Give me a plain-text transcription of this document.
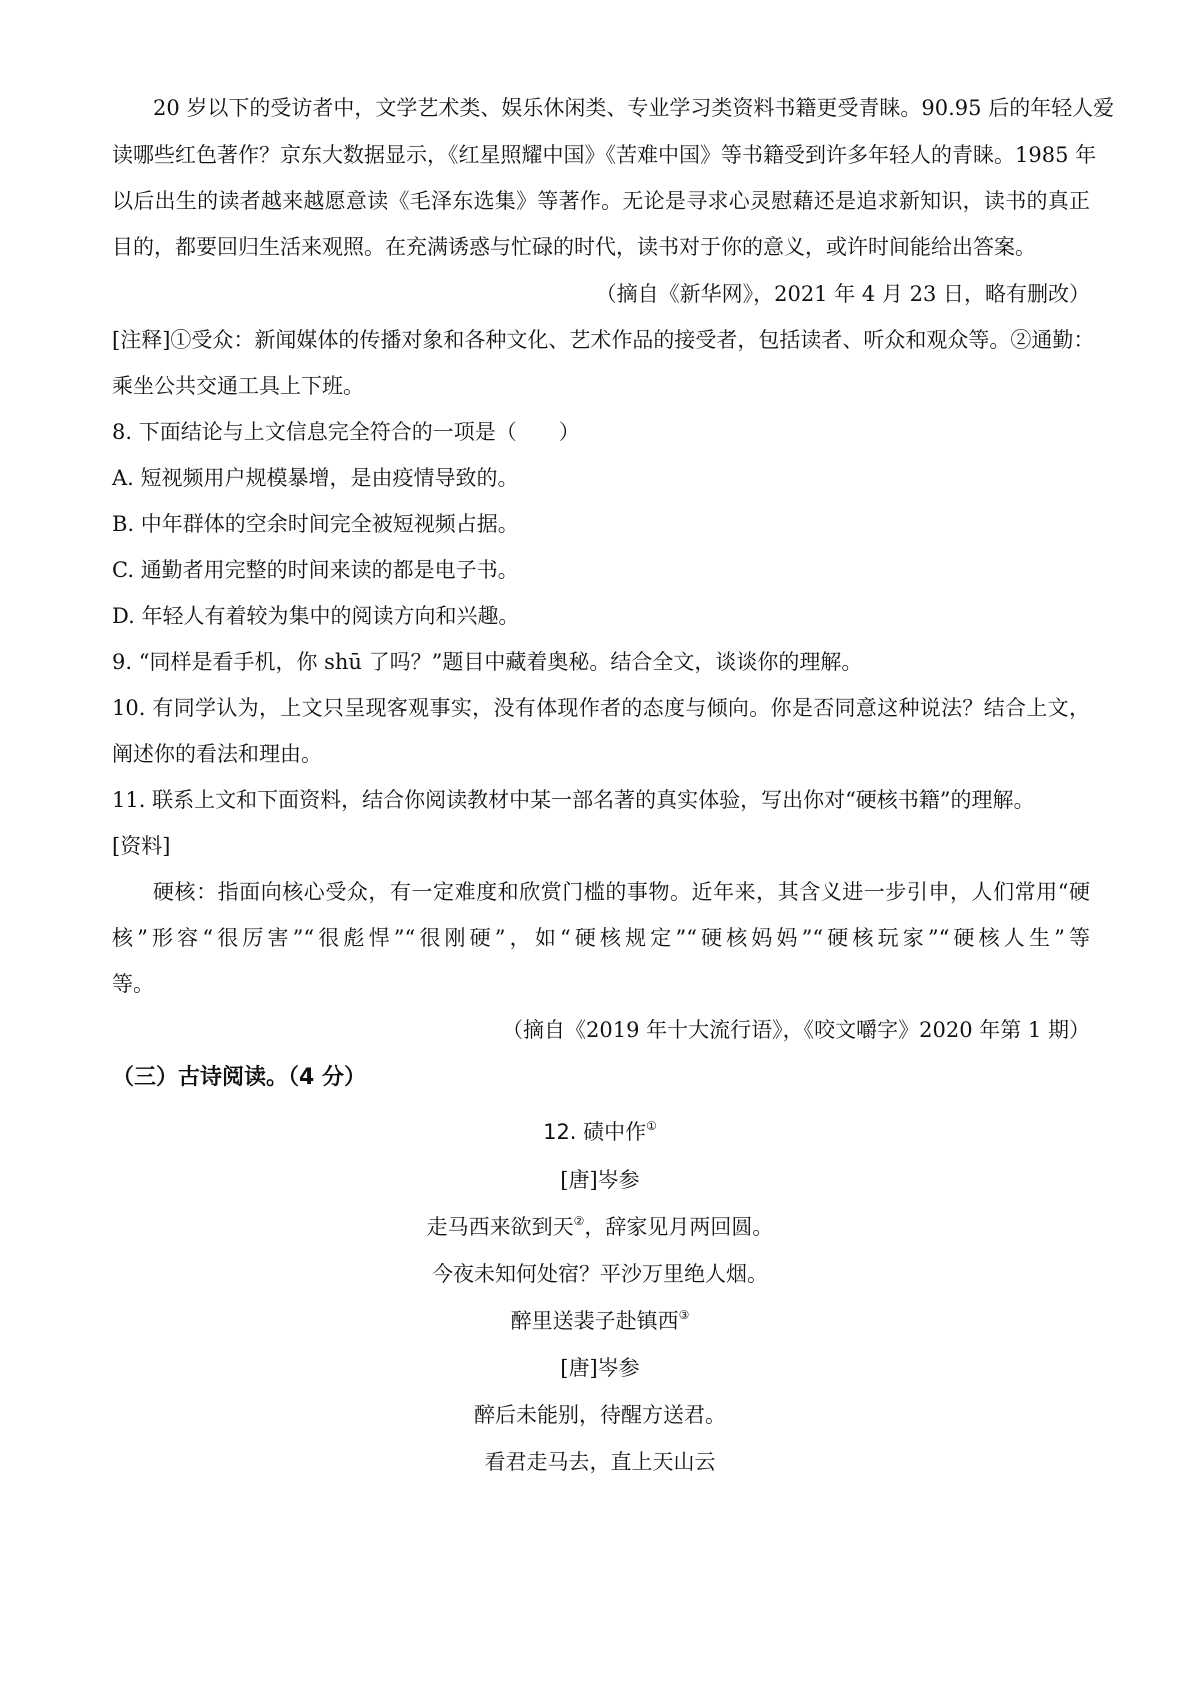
20 岁以下的受访者中，文学艺术类、娱乐休闲类、专业学习类资料书籍更受青睐。90.95 后的年轻人爱
读哪些红色著作？京东大数据显示，《红星照耀中国》《苦难中国》等书籍受到许多年轻人的青睐。1985 年
以后出生的读者越来越愿意读《毛泽东选集》等著作。无论是寻求心灵慰藉还是追求新知识，读书的真正
目的，都要回归生活来观照。在充满诱惑与忙碌的时代，读书对于你的意义，或许时间能给出答案。
（摘自《新华网》，2021 年 4 月 23 日，略有删改）
[注释]①受众：新闻媒体的传播对象和各种文化、艺术作品的接受者，包括读者、听众和观众等。②通勤：
乘坐公共交通工具上下班。
8. 下面结论与上文信息完全符合的一项是（　　）
A. 短视频用户规模暴增，是由疫情导致的。
B. 中年群体的空余时间完全被短视频占据。
C. 通勤者用完整的时间来读的都是电子书。
D. 年轻人有着较为集中的阅读方向和兴趣。
9. “同样是看手机，你 shū 了吗？”题目中藏着奥秘。结合全文，谈谈你的理解。
10. 有同学认为，上文只呈现客观事实，没有体现作者的态度与倾向。你是否同意这种说法？结合上文，
阐述你的看法和理由。
11. 联系上文和下面资料，结合你阅读教材中某一部名著的真实体验，写出你对“硬核书籍”的理解。
[资料]
硬核：指面向核心受众，有一定难度和欣赏门槛的事物。近年来，其含义进一步引申，人们常用“硬
核”形容“很厉害”“很彪悍”“很刚硬”，如“硬核规定”“硬核妈妈”“硬核玩家”“硬核人生”等
等。
（摘自《2019 年十大流行语》，《咬文嚼字》2020 年第 1 期）
（三）古诗阅读。（4 分）
12. 碛中作①
[唐]岑参
走马西来欲到天②，辞家见月两回圆。
今夜未知何处宿？平沙万里绝人烟。
醉里送裴子赴镇西③
[唐]岑参
醉后未能别，待醒方送君。
看君走马去，直上天山云
